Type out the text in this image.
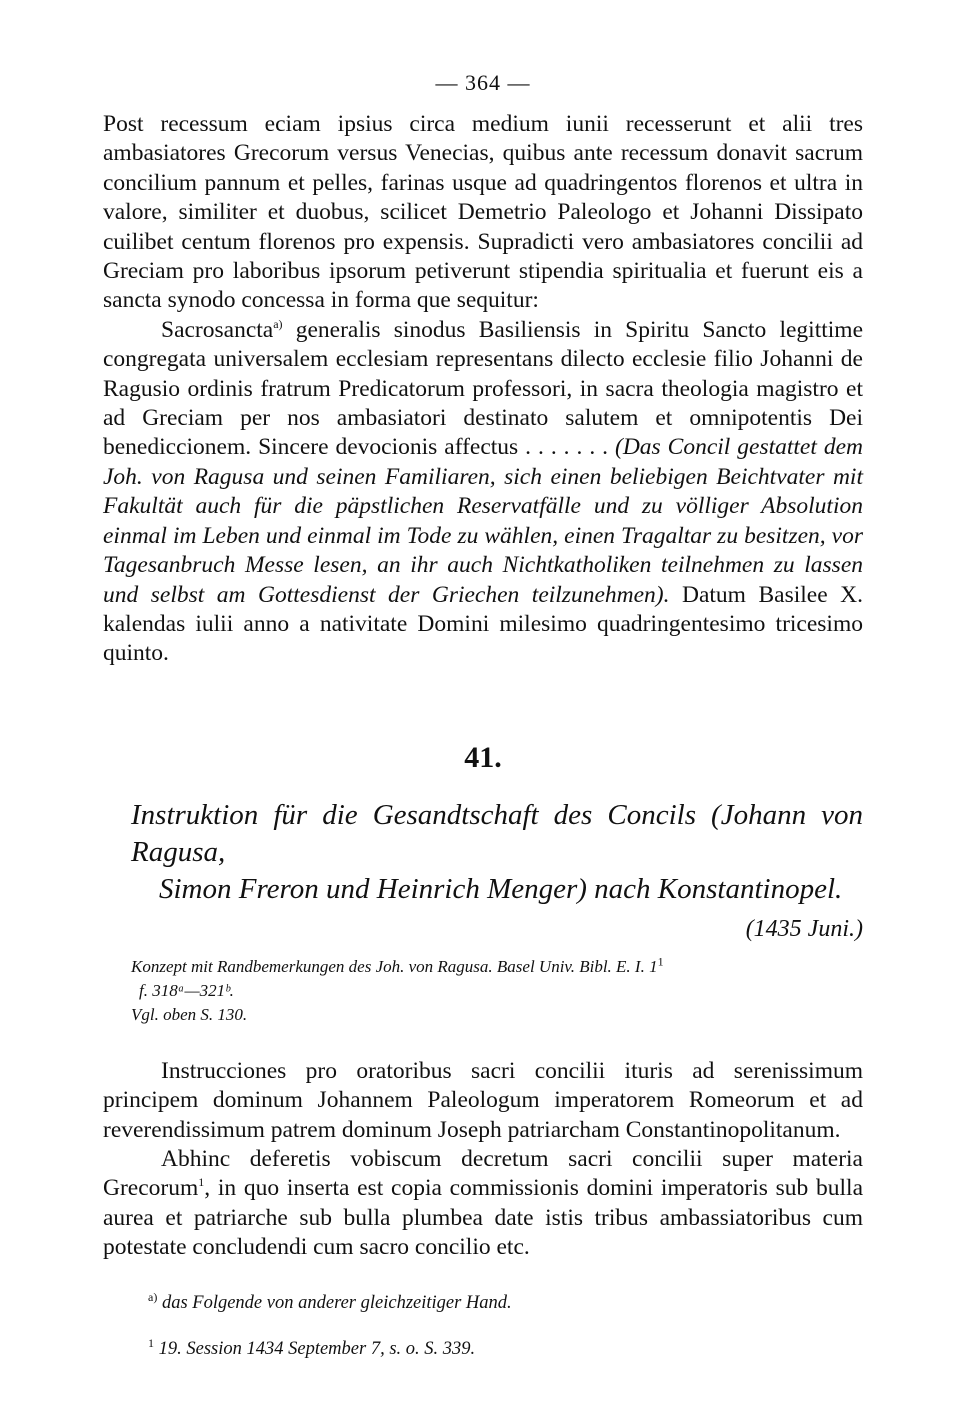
— 364 —

Post recessum eciam ipsius circa medium iunii recesserunt et alii tres ambasiatores Grecorum versus Venecias, quibus ante recessum donavit sacrum concilium pannum et pelles, farinas usque ad quadringentos florenos et ultra in valore, similiter et duobus, scilicet Demetrio Paleologo et Johanni Dissipato cuilibet centum florenos pro expensis. Supradicti vero ambasiatores concilii ad Greciam pro laboribus ipsorum petiverunt stipendia spiritualia et fuerunt eis a sancta synodo concessa in forma que sequitur:

Sacrosancta$^{a)}$ generalis sinodus Basiliensis in Spiritu Sancto legittime congregata universalem ecclesiam representans dilecto ecclesie filio Johanni de Ragusio ordinis fratrum Predicatorum professori, in sacra theologia magistro et ad Greciam per nos ambasiatori destinato salutem et omnipotentis Dei benediccionem. Sincere devocionis affectus . . . . . . . (Das Concil gestattet dem Joh. von Ragusa und seinen Familiaren, sich einen beliebigen Beichtvater mit Fakultät auch für die päpstlichen Reservatfälle und zu völliger Absolution einmal im Leben und einmal im Tode zu wählen, einen Tragaltar zu besitzen, vor Tagesanbruch Messe lesen, an ihr auch Nichtkatholiken teilnehmen zu lassen und selbst am Gottesdienst der Griechen teilzunehmen). Datum Basilee X. kalendas iulii anno a nativitate Domini milesimo quadringentesimo tricesimo quinto.

41.
Instruktion für die Gesandtschaft des Concils (Johann von Ragusa,
Simon Freron und Heinrich Menger) nach Konstantinopel.
(1435 Juni.)
Konzept mit Randbemerkungen des Joh. von Ragusa. Basel Univ. Bibl. E. I. $1^1$
f. 318ᵃ—321ᵇ.
Vgl. oben S. 130.

Instrucciones pro oratoribus sacri concilii ituris ad serenissimum principem dominum Johannem Paleologum imperatorem Romeorum et ad reverendissimum patrem dominum Joseph patriarcham Constantinopolitanum.

Abhinc deferetis vobiscum decretum sacri concilii super materia Grecorum$^1$, in quo inserta est copia commissionis domini imperatoris sub bulla aurea et patriarche sub bulla plumbea date istis tribus ambassiatoribus cum potestate concludendi cum sacro concilio etc.

$^{a)}$ das Folgende von anderer gleichzeitiger Hand.
$^1$ 19. Session 1434 September 7, s. o. S. 339.
